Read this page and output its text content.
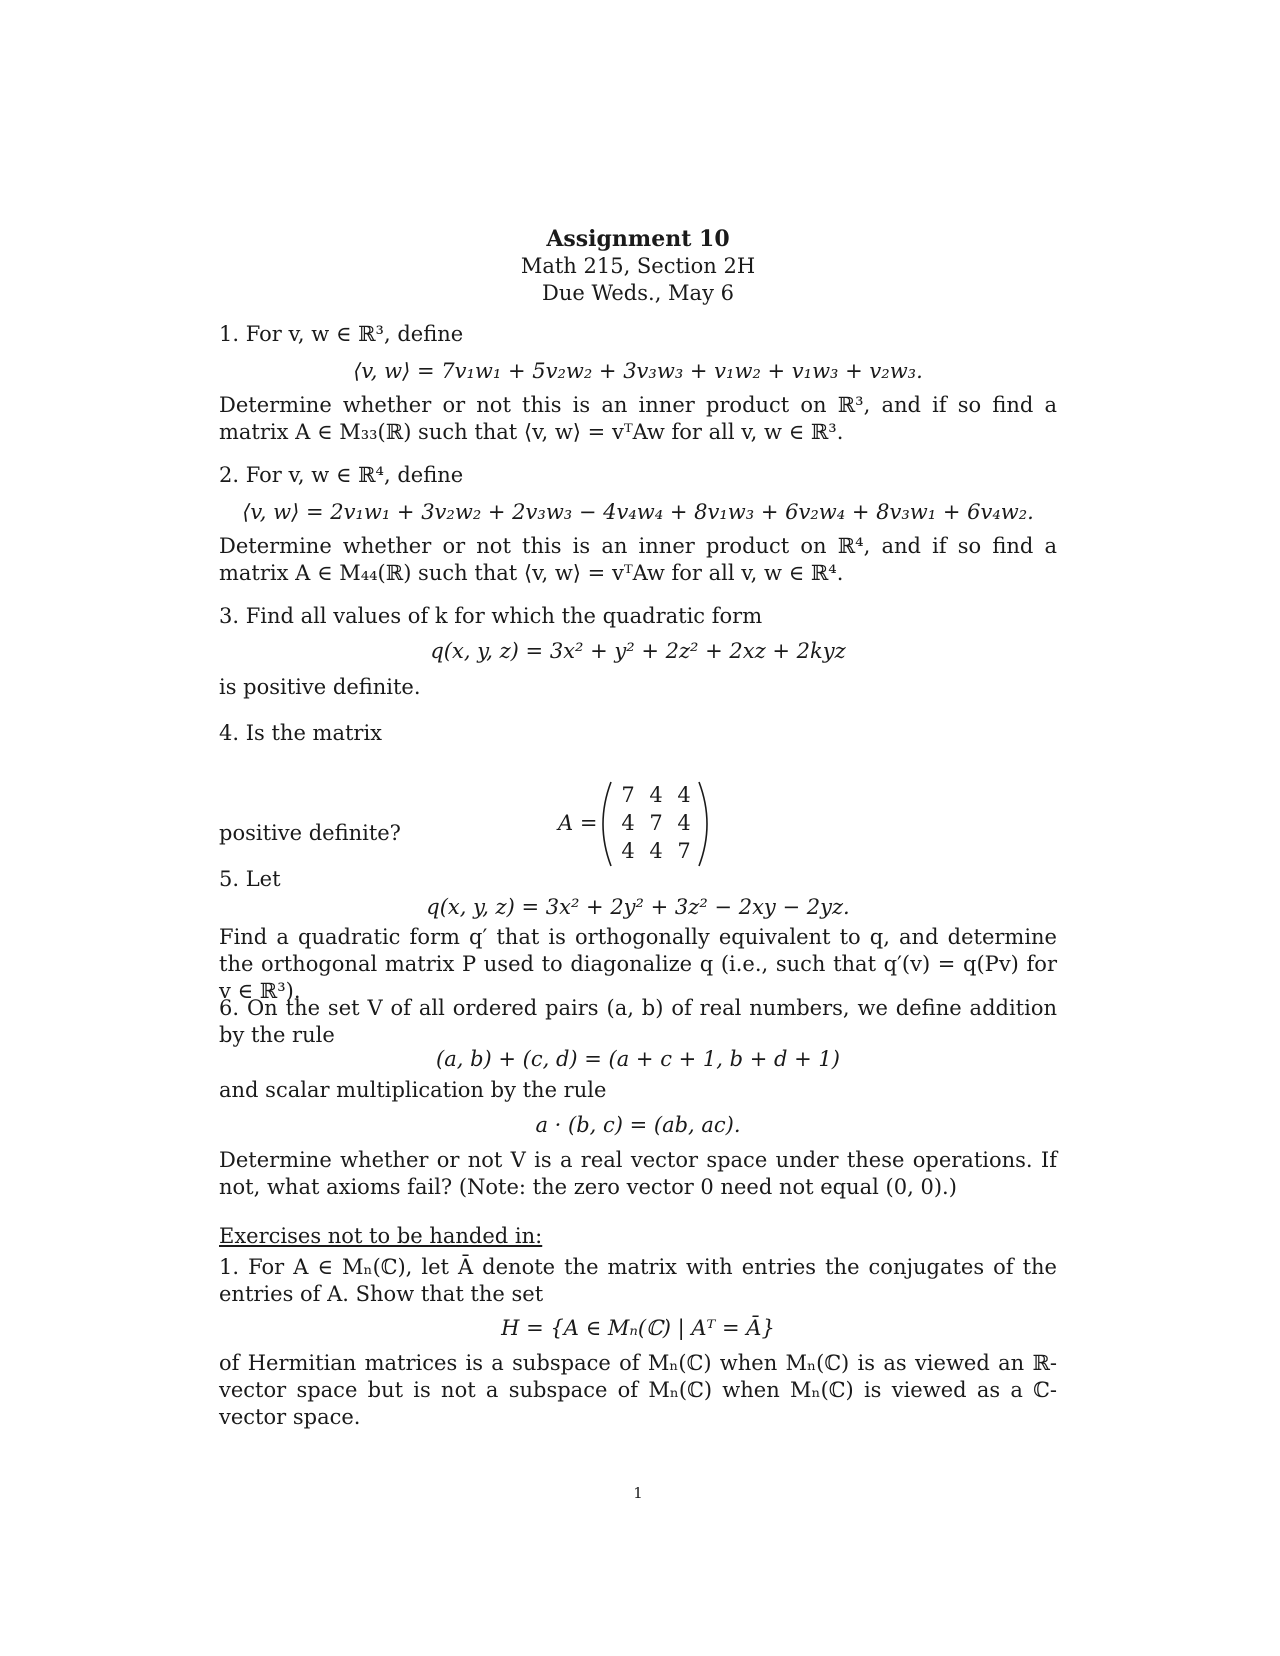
Assignment 10
Math 215, Section 2H
Due Weds., May 6
1. For v, w ∈ ℝ³, define
⟨v, w⟩ = 7v₁w₁ + 5v₂w₂ + 3v₃w₃ + v₁w₂ + v₁w₃ + v₂w₃.
Determine whether or not this is an inner product on ℝ³, and if so find a matrix A ∈ M₃₃(ℝ) such that ⟨v, w⟩ = vᵀAw for all v, w ∈ ℝ³.
2. For v, w ∈ ℝ⁴, define
⟨v, w⟩ = 2v₁w₁ + 3v₂w₂ + 2v₃w₃ − 4v₄w₄ + 8v₁w₃ + 6v₂w₄ + 8v₃w₁ + 6v₄w₂.
Determine whether or not this is an inner product on ℝ⁴, and if so find a matrix A ∈ M₄₄(ℝ) such that ⟨v, w⟩ = vᵀAw for all v, w ∈ ℝ⁴.
3. Find all values of k for which the quadratic form
q(x, y, z) = 3x² + y² + 2z² + 2xz + 2kyz
is positive definite.
4. Is the matrix
A =
7 4 4
4 7 4
4 4 7
positive definite?
5. Let
q(x, y, z) = 3x² + 2y² + 3z² − 2xy − 2yz.
Find a quadratic form q′ that is orthogonally equivalent to q, and determine the orthogonal matrix P used to diagonalize q (i.e., such that q′(v) = q(Pv) for v ∈ ℝ³).
6. On the set V of all ordered pairs (a, b) of real numbers, we define addition by the rule
(a, b) + (c, d) = (a + c + 1, b + d + 1)
and scalar multiplication by the rule
a · (b, c) = (ab, ac).
Determine whether or not V is a real vector space under these operations. If not, what axioms fail? (Note: the zero vector 0 need not equal (0, 0).)
Exercises not to be handed in:
1. For A ∈ Mₙ(ℂ), let Ā denote the matrix with entries the conjugates of the entries of A. Show that the set
H = {A ∈ Mₙ(ℂ) | Aᵀ = Ā}
of Hermitian matrices is a subspace of Mₙ(ℂ) when Mₙ(ℂ) is as viewed an ℝ-vector space but is not a subspace of Mₙ(ℂ) when Mₙ(ℂ) is viewed as a ℂ-vector space.
1
